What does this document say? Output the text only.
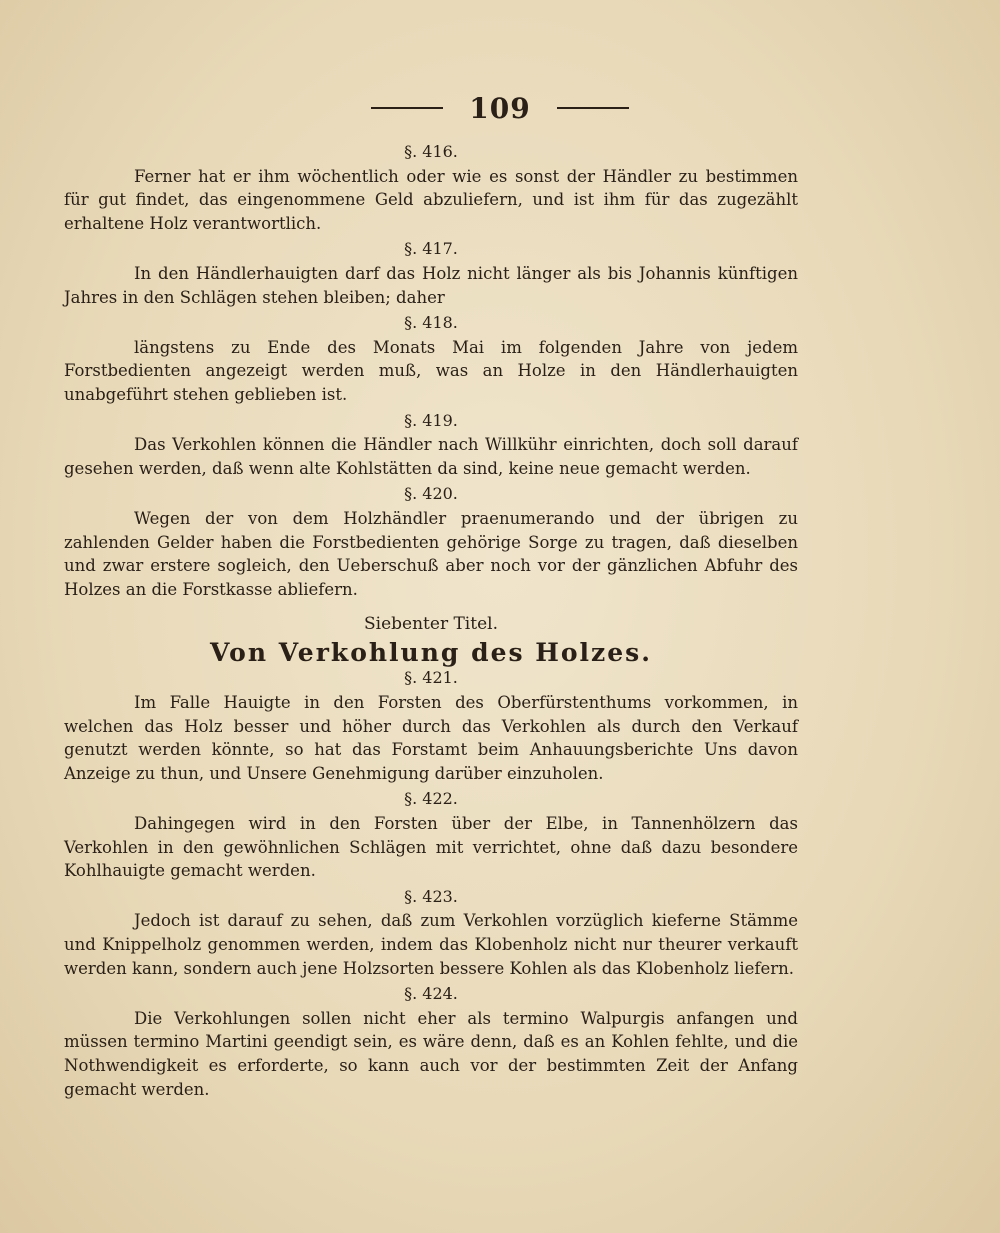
109
§. 416.

Ferner hat er ihm wöchentlich oder wie es sonst der Händler zu bestimmen für gut findet, das eingenommene Geld abzuliefern, und ist ihm für das zugezählt erhaltene Holz verantwortlich.

§. 417.

In den Händlerhauigten darf das Holz nicht länger als bis Johannis künftigen Jahres in den Schlägen stehen bleiben; daher

§. 418.

längstens zu Ende des Monats Mai im folgenden Jahre von jedem Forstbedienten angezeigt werden muß, was an Holze in den Händlerhauigten unabgeführt stehen geblieben ist.

§. 419.

Das Verkohlen können die Händler nach Willkühr einrichten, doch soll darauf gesehen werden, daß wenn alte Kohlstätten da sind, keine neue gemacht werden.

§. 420.

Wegen der von dem Holzhändler praenumerando und der übrigen zu zahlenden Gelder haben die Forstbedienten gehörige Sorge zu tragen, daß dieselben und zwar erstere sogleich, den Ueberschuß aber noch vor der gänzlichen Abfuhr des Holzes an die Forstkasse abliefern.

Siebenter Titel.
Von Verkohlung des Holzes.
§. 421.

Im Falle Hauigte in den Forsten des Oberfürstenthums vorkommen, in welchen das Holz besser und höher durch das Verkohlen als durch den Verkauf genutzt werden könnte, so hat das Forstamt beim Anhauungsberichte Uns davon Anzeige zu thun, und Unsere Genehmigung darüber einzuholen.

§. 422.

Dahingegen wird in den Forsten über der Elbe, in Tannenhölzern das Verkohlen in den gewöhnlichen Schlägen mit verrichtet, ohne daß dazu besondere Kohlhauigte gemacht werden.

§. 423.

Jedoch ist darauf zu sehen, daß zum Verkohlen vorzüglich kieferne Stämme und Knippelholz genommen werden, indem das Klobenholz nicht nur theurer verkauft werden kann, sondern auch jene Holzsorten bessere Kohlen als das Klobenholz liefern.

§. 424.

Die Verkohlungen sollen nicht eher als termino Walpurgis anfangen und müssen termino Martini geendigt sein, es wäre denn, daß es an Kohlen fehlte, und die Nothwendigkeit es erforderte, so kann auch vor der bestimmten Zeit der Anfang gemacht werden.
